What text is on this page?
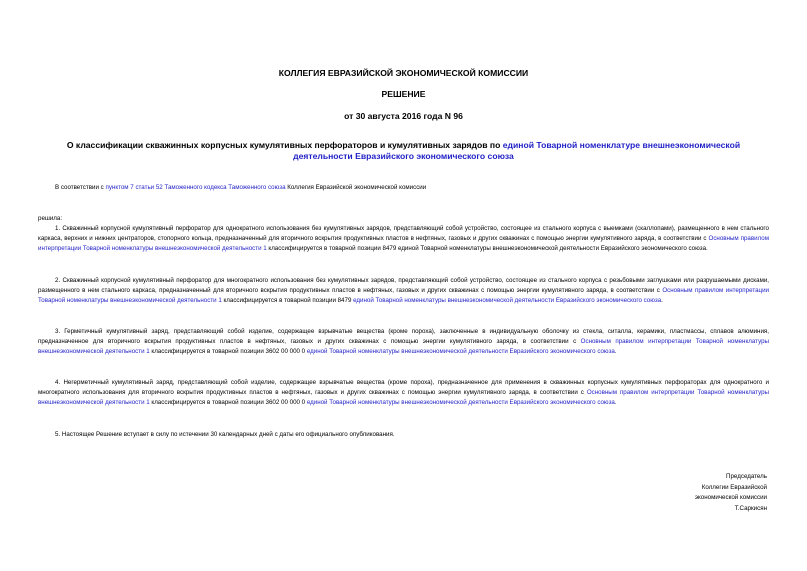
КОЛЛЕГИЯ ЕВРАЗИЙСКОЙ ЭКОНОМИЧЕСКОЙ КОМИССИИ

РЕШЕНИЕ

от 30 августа 2016 года N 96

О классификации скважинных корпусных кумулятивных перфораторов и кумулятивных зарядов по единой Товарной номенклатуре внешнеэкономической деятельности Евразийского экономического союза

В соответствии с пунктом 7 статьи 52 Таможенного кодекса Таможенного союза Коллегия Евразийской экономической комиссии

решила:

1. Скважинный корпусной кумулятивный перфоратор для однократного использования без кумулятивных зарядов, представляющий собой устройство, состоящее из стального корпуса с выемками (скаллопами), размещенного в нем стального каркаса, верхних и нижних центраторов, стопорного кольца, предназначенный для вторичного вскрытия продуктивных пластов в нефтяных, газовых и других скважинах с помощью энергии кумулятивного заряда, в соответствии с Основным правилом интерпретации Товарной номенклатуры внешнеэкономической деятельности 1 классифицируется в товарной позиции 8479 единой Товарной номенклатуры внешнеэкономической деятельности Евразийского экономического союза.

2. Скважинный корпусной кумулятивный перфоратор для многократного использования без кумулятивных зарядов, представляющий собой устройство, состоящее из стального корпуса с резьбовыми заглушками или разрушаемыми дисками, размещенного в нем стального каркаса, предназначенный для вторичного вскрытия продуктивных пластов в нефтяных, газовых и других скважинах с помощью энергии кумулятивного заряда, в соответствии с Основным правилом интерпретации Товарной номенклатуры внешнеэкономической деятельности 1 классифицируется в товарной позиции 8479 единой Товарной номенклатуры внешнеэкономической деятельности Евразийского экономического союза.

3. Герметичный кумулятивный заряд, представляющий собой изделие, содержащее взрывчатые вещества (кроме пороха), заключенные в индивидуальную оболочку из стекла, ситалла, керамики, пластмассы, сплавов алюминия, предназначенное для вторичного вскрытия продуктивных пластов в нефтяных, газовых и других скважинах с помощью энергии кумулятивного заряда, в соответствии с Основным правилом интерпретации Товарной номенклатуры внешнеэкономической деятельности 1 классифицируется в товарной позиции 3602 00 000 0 единой Товарной номенклатуры внешнеэкономической деятельности Евразийского экономического союза.

4. Негерметичный кумулятивный заряд, представляющий собой изделие, содержащее взрывчатые вещества (кроме пороха), предназначенное для применения в скважинных корпусных кумулятивных перфораторах для однократного и многократного использования для вторичного вскрытия продуктивных пластов в нефтяных, газовых и других скважинах с помощью энергии кумулятивного заряда, в соответствии с Основным правилом интерпретации Товарной номенклатуры внешнеэкономической деятельности 1 классифицируется в товарной позиции 3602 00 000 0 единой Товарной номенклатуры внешнеэкономической деятельности Евразийского экономического союза.

5. Настоящее Решение вступает в силу по истечении 30 календарных дней с даты его официального опубликования.

Председатель
Коллегии Евразийской
экономической комиссии
Т.Саркисян
